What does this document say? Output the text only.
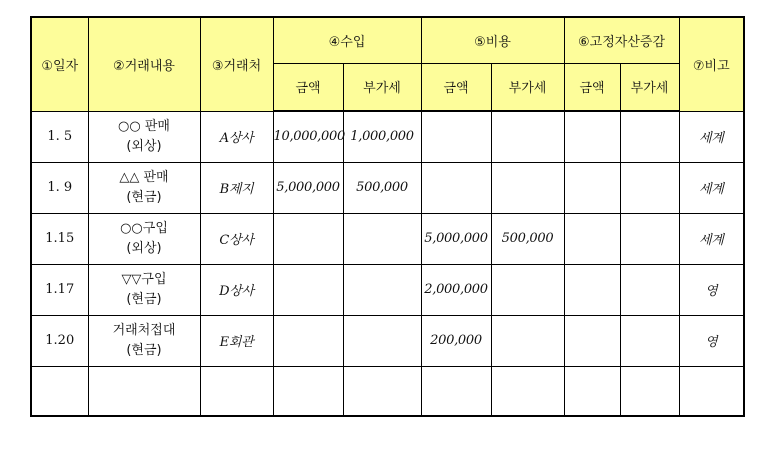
①일자	②거래내용	③거래처	④수입		⑤비용		⑥고정자산증감		⑦비고
			금액	부가세	금액	부가세	금액	부가세	
1. 5	○○ 판매
(외상)	A상사	10,000,000	1,000,000					세계
1. 9	△△ 판매
(현금)	B제지	5,000,000	500,000					세계
1.15	○○구입
(외상)	C상사			5,000,000	500,000			세계
1.17	▽▽구입
(현금)	D상사			2,000,000				영
1.20	거래처접대
(현금)	E회관			200,000				영
